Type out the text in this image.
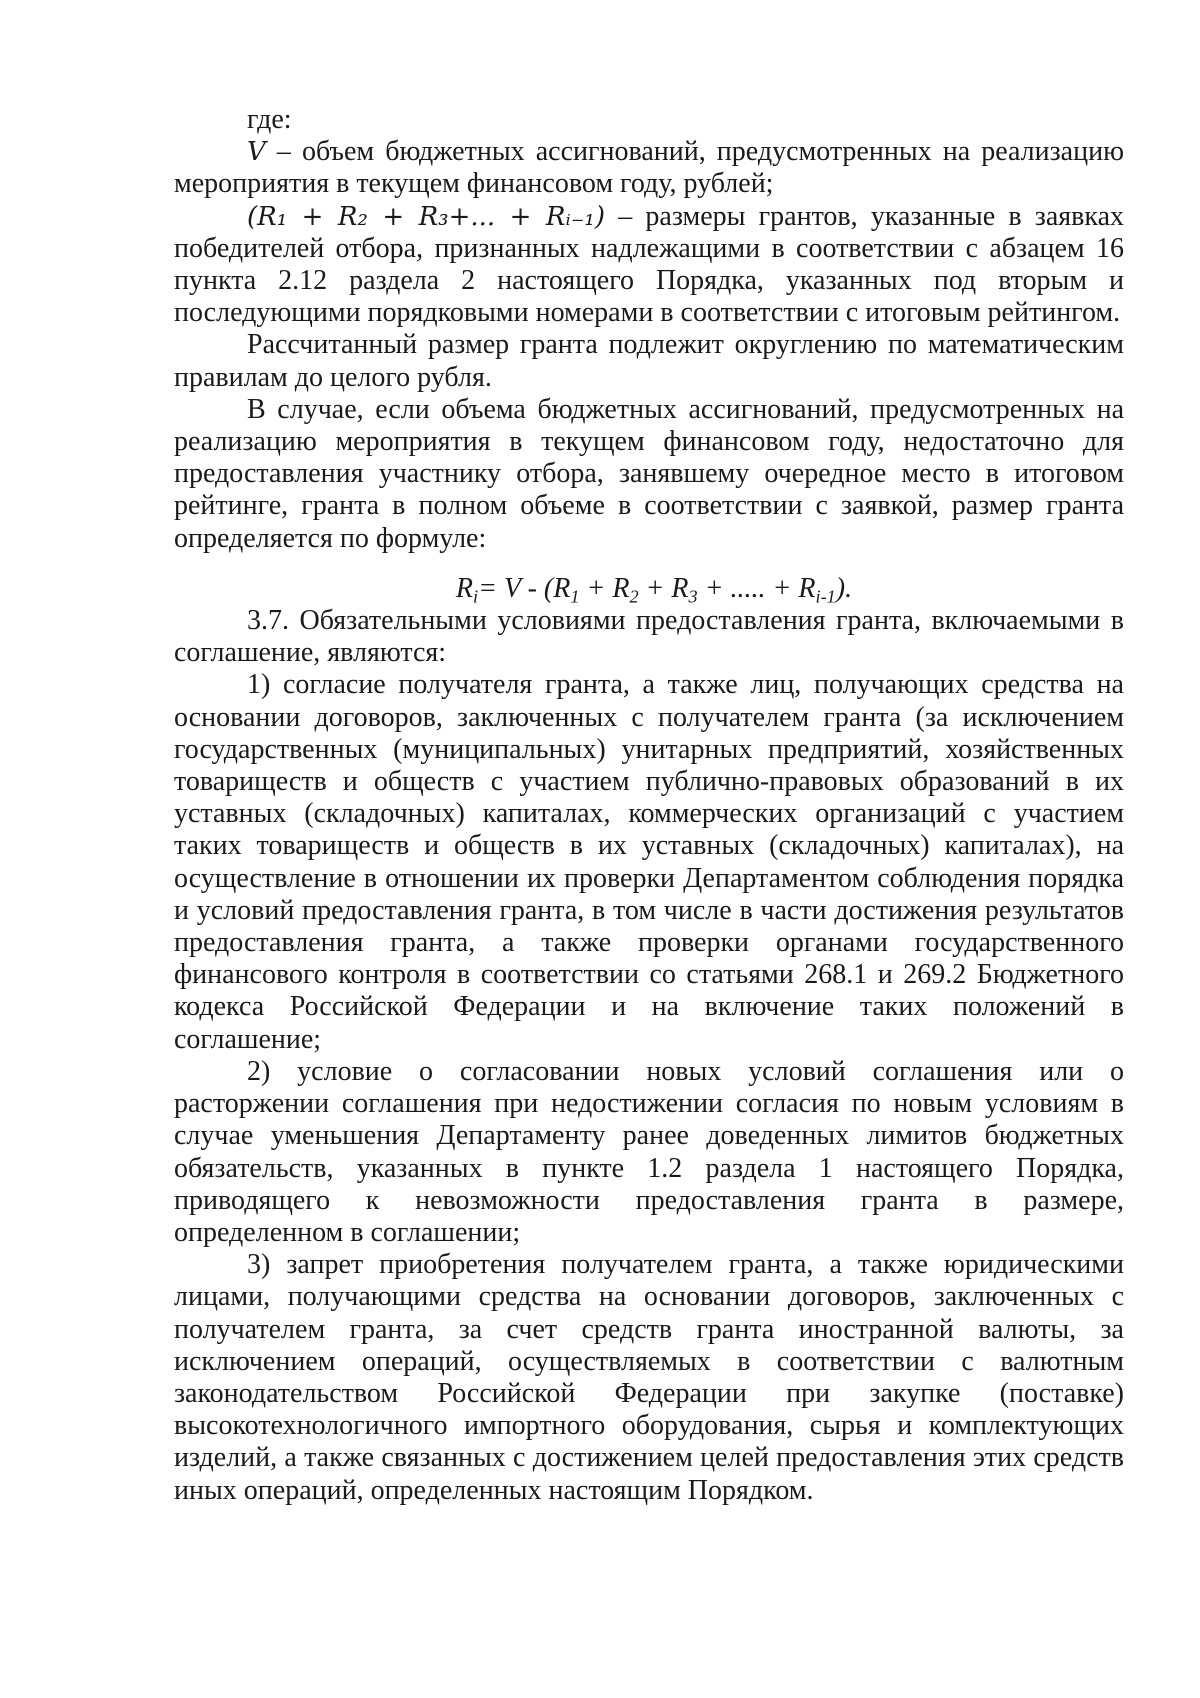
где:

V – объем бюджетных ассигнований, предусмотренных на реализацию мероприятия в текущем финансовом году, рублей;

(R₁ + R₂ + R₃+... + Rᵢ₋₁) – размеры грантов, указанные в заявках победителей отбора, признанных надлежащими в соответствии с абзацем 16 пункта 2.12 раздела 2 настоящего Порядка, указанных под вторым и последующими порядковыми номерами в соответствии с итоговым рейтингом.

Рассчитанный размер гранта подлежит округлению по математическим правилам до целого рубля.

В случае, если объема бюджетных ассигнований, предусмотренных на реализацию мероприятия в текущем финансовом году, недостаточно для предоставления участнику отбора, занявшему очередное место в итоговом рейтинге, гранта в полном объеме в соответствии с заявкой, размер гранта определяется по формуле:

$R_i= V - (R_1 + R_2 + R_3$ + ..... + $R_{i-1}$).

3.7. Обязательными условиями предоставления гранта, включаемыми в соглашение, являются:

1) согласие получателя гранта, а также лиц, получающих средства на основании договоров, заключенных с получателем гранта (за исключением государственных (муниципальных) унитарных предприятий, хозяйственных товариществ и обществ с участием публично-правовых образований в их уставных (складочных) капиталах, коммерческих организаций с участием таких товариществ и обществ в их уставных (складочных) капиталах), на осуществление в отношении их проверки Департаментом соблюдения порядка и условий предоставления гранта, в том числе в части достижения результатов предоставления гранта, а также проверки органами государственного финансового контроля в соответствии со статьями 268.1 и 269.2 Бюджетного кодекса Российской Федерации и на включение таких положений в соглашение;

2) условие о согласовании новых условий соглашения или о расторжении соглашения при недостижении согласия по новым условиям в случае уменьшения Департаменту ранее доведенных лимитов бюджетных обязательств, указанных в пункте 1.2 раздела 1 настоящего Порядка, приводящего к невозможности предоставления гранта в размере, определенном в соглашении;

3) запрет приобретения получателем гранта, а также юридическими лицами, получающими средства на основании договоров, заключенных с получателем гранта, за счет средств гранта иностранной валюты, за исключением операций, осуществляемых в соответствии с валютным законодательством Российской Федерации при закупке (поставке) высокотехнологичного импортного оборудования, сырья и комплектующих изделий, а также связанных с достижением целей предоставления этих средств иных операций, определенных настоящим Порядком.
